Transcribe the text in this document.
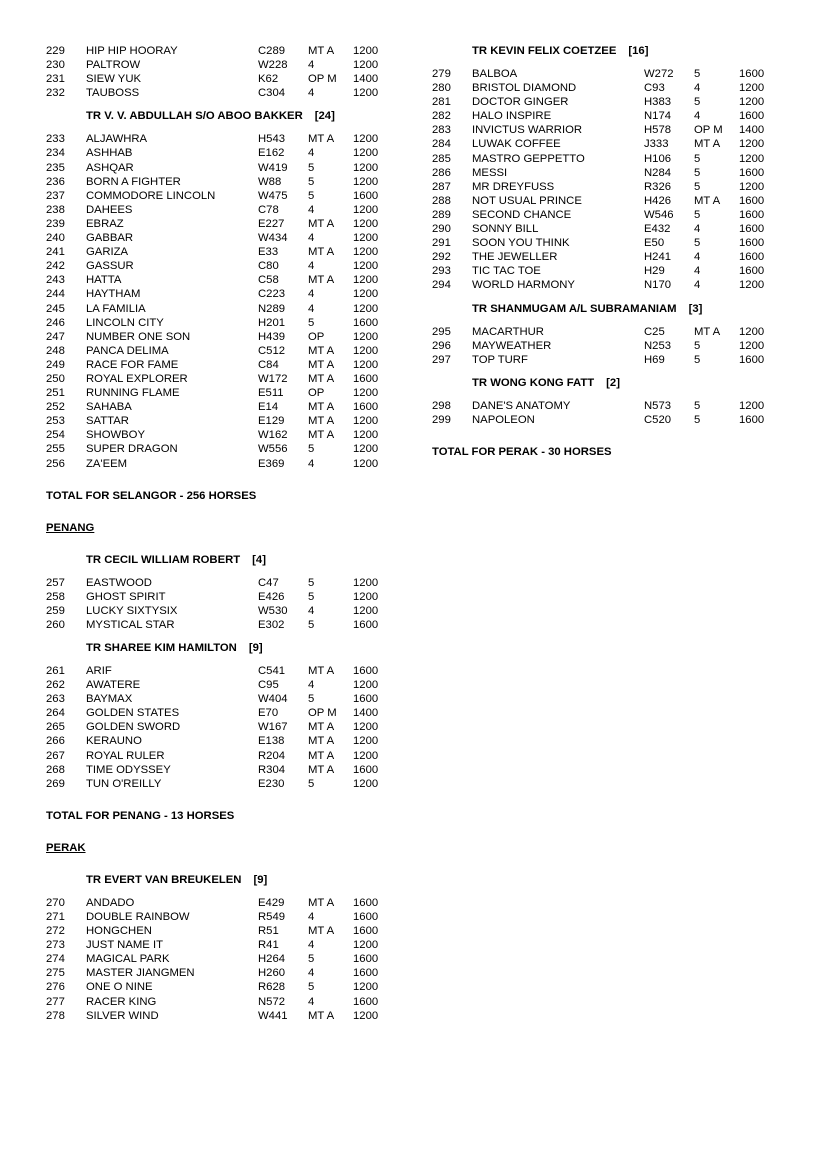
229 HIP HIP HOORAY	C289 MT A 1200
230 PALTROW	W228 4	1200
231 SIEW YUK	K62	OP M 1400
232 TAUBOSS	C304 4	1200
TR V. V. ABDULLAH S/O ABOO BAKKER [24]
233 ALJAWHRA	H543 MT A 1200
234 ASHHAB	E162 4	1200
235 ASHQAR	W419 5	1200
236 BORN A FIGHTER	W88 5	1200
237 COMMODORE LINCOLN	W475 5	1600
238 DAHEES	C78	4	1200
239 EBRAZ	E227 MT A 1200
240 GABBAR	W434 4	1200
241 GARIZA	E33	MT A 1200
242 GASSUR	C80	4	1200
243 HATTA	C58	MT A 1200
244 HAYTHAM	C223 4	1200
245 LA FAMILIA	N289 4	1200
246 LINCOLN CITY	H201 5	1600
247 NUMBER ONE SON	H439 OP	1200
248 PANCA DELIMA	C512 MT A 1200
249 RACE FOR FAME	C84	MT A 1200
250 ROYAL EXPLORER	W172 MT A 1600
251 RUNNING FLAME	E511 OP	1200
252 SAHABA	E14	MT A 1600
253 SATTAR	E129 MT A 1200
254 SHOWBOY	W162 MT A 1200
255 SUPER DRAGON	W556 5	1200
256 ZA'EEM	E369 4	1200
TOTAL FOR SELANGOR - 256 HORSES
PENANG
TR CECIL WILLIAM ROBERT [4]
257 EASTWOOD	C47	5	1200
258 GHOST SPIRIT	E426 5	1200
259 LUCKY SIXTYSIX	W530 4	1200
260 MYSTICAL STAR	E302 5	1600
TR SHAREE KIM HAMILTON [9]
261 ARIF	C541 MT A 1600
262 AWATERE	C95	4	1200
263 BAYMAX	W404 5	1600
264 GOLDEN STATES	E70	OP M 1400
265 GOLDEN SWORD	W167 MT A 1200
266 KERAUNO	E138 MT A 1200
267 ROYAL RULER	R204 MT A 1200
268 TIME ODYSSEY	R304 MT A 1600
269 TUN O'REILLY	E230 5	1200
TOTAL FOR PENANG - 13 HORSES
PERAK
TR EVERT VAN BREUKELEN [9]
270 ANDADO	E429 MT A 1600
271 DOUBLE RAINBOW	R549 4	1600
272 HONGCHEN	R51	MT A 1600
273 JUST NAME IT	R41	4	1200
274 MAGICAL PARK	H264 5	1600
275 MASTER JIANGMEN	H260 4	1600
276 ONE O NINE	R628 5	1200
277 RACER KING	N572 4	1600
278 SILVER WIND	W441 MT A 1200
TR KEVIN FELIX COETZEE [16]
279 BALBOA	W272 5	1600
280 BRISTOL DIAMOND	C93	4	1200
281 DOCTOR GINGER	H383 5	1200
282 HALO INSPIRE	N174 4	1600
283 INVICTUS WARRIOR	H578 OP M 1400
284 LUWAK COFFEE	J333 MT A 1200
285 MASTRO GEPPETTO	H106 5	1200
286 MESSI	N284 5	1600
287 MR DREYFUSS	R326 5	1200
288 NOT USUAL PRINCE	H426 MT A 1600
289 SECOND CHANCE	W546 5	1600
290 SONNY BILL	E432 4	1600
291 SOON YOU THINK	E50	5	1600
292 THE JEWELLER	H241 4	1600
293 TIC TAC TOE	H29	4	1600
294 WORLD HARMONY	N170 4	1200
TR SHANMUGAM A/L SUBRAMANIAM [3]
295 MACARTHUR	C25	MT A 1200
296 MAYWEATHER	N253 5	1200
297 TOP TURF	H69	5	1600
TR WONG KONG FATT [2]
298 DANE'S ANATOMY	N573 5	1200
299 NAPOLEON	C520 5	1600
TOTAL FOR PERAK - 30 HORSES
